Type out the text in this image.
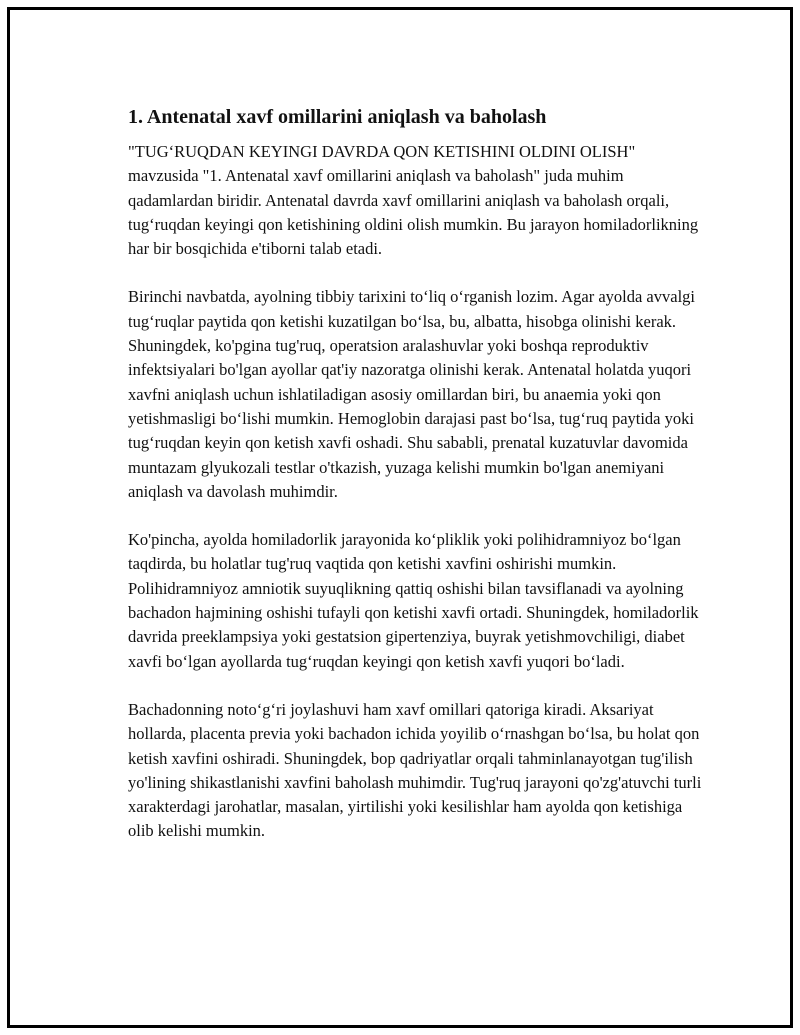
1. Antenatal xavf omillarini aniqlash va baholash

"TUG‘RUQDAN KEYINGI DAVRDA QON KETISHINI OLDINI OLISH" mavzusida "1. Antenatal xavf omillarini aniqlash va baholash" juda muhim qadamlardan biridir. Antenatal davrda xavf omillarini aniqlash va baholash orqali, tug‘ruqdan keyingi qon ketishining oldini olish mumkin. Bu jarayon homiladorlikning har bir bosqichida e'tiborni talab etadi.

Birinchi navbatda, ayolning tibbiy tarixini to‘liq o‘rganish lozim. Agar ayolda avvalgi tug‘ruqlar paytida qon ketishi kuzatilgan bo‘lsa, bu, albatta, hisobga olinishi kerak. Shuningdek, ko'pgina tug'ruq, operatsion aralashuvlar yoki boshqa reproduktiv infektsiyalari bo'lgan ayollar qat'iy nazoratga olinishi kerak. Antenatal holatda yuqori xavfni aniqlash uchun ishlatiladigan asosiy omillardan biri, bu anaemia yoki qon yetishmasligi bo‘lishi mumkin. Hemoglobin darajasi past bo‘lsa, tug‘ruq paytida yoki tug‘ruqdan keyin qon ketish xavfi oshadi. Shu sababli, prenatal kuzatuvlar davomida muntazam glyukozali testlar o'tkazish, yuzaga kelishi mumkin bo'lgan anemiyani aniqlash va davolash muhimdir.

Ko'pincha, ayolda homiladorlik jarayonida ko‘pliklik yoki polihidramniyoz bo‘lgan taqdirda, bu holatlar tug'ruq vaqtida qon ketishi xavfini oshirishi mumkin. Polihidramniyoz amniotik suyuqlikning qattiq oshishi bilan tavsiflanadi va ayolning bachadon hajmining oshishi tufayli qon ketishi xavfi ortadi. Shuningdek, homiladorlik davrida preeklampsiya yoki gestatsion gipertenziya, buyrak yetishmovchiligi, diabet xavfi bo‘lgan ayollarda tug‘ruqdan keyingi qon ketish xavfi yuqori bo‘ladi.

Bachadonning noto‘g‘ri joylashuvi ham xavf omillari qatoriga kiradi. Aksariyat hollarda, placenta previa yoki bachadon ichida yoyilib o‘rnashgan bo‘lsa, bu holat qon ketish xavfini oshiradi. Shuningdek, bop qadriyatlar orqali tahminlanayotgan tug'ilish yo'lining shikastlanishi xavfini baholash muhimdir. Tug'ruq jarayoni qo'zg'atuvchi turli xarakterdagi jarohatlar, masalan, yirtilishi yoki kesilishlar ham ayolda qon ketishiga olib kelishi mumkin.
